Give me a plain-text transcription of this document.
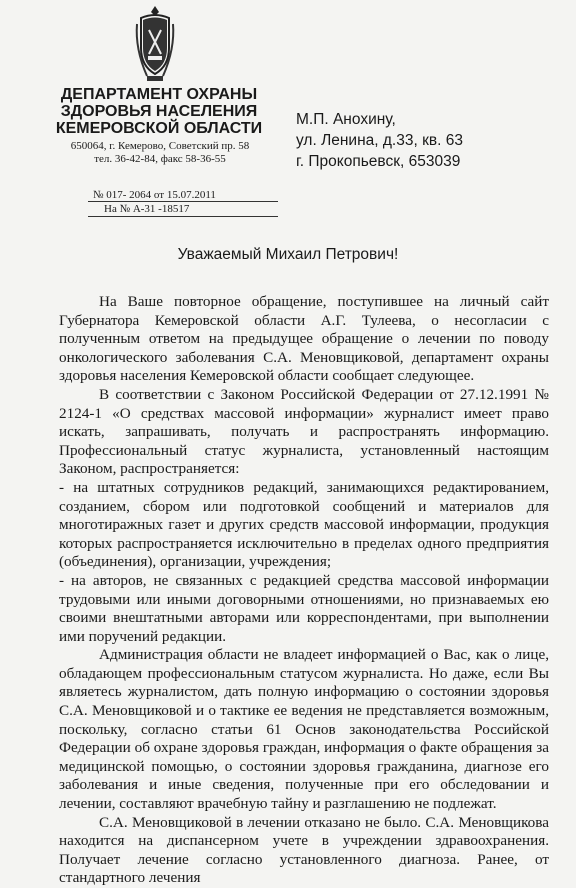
ДЕПАРТАМЕНТ ОХРАНЫ
ЗДОРОВЬЯ НАСЕЛЕНИЯ
КЕМЕРОВСКОЙ ОБЛАСТИ
650064, г. Кемерово, Советский пр. 58
тел. 36-42-84, факс 58-36-55
М.П. Анохину,
ул. Ленина, д.33, кв. 63
г. Прокопьевск, 653039
№ 017- 2064 от 15.07.2011
На № А-31 -18517
Уважаемый Михаил Петрович!

На Ваше повторное обращение, поступившее на личный сайт Губернатора Кемеровской области А.Г. Тулеева, о несогласии с полученным ответом на предыдущее обращение о лечении по поводу онкологического заболевания С.А. Меновщиковой, департамент охраны здоровья населения Кемеровской области сообщает следующее.

В соответствии с Законом Российской Федерации от 27.12.1991 № 2124-1 «О средствах массовой информации» журналист имеет право искать, запрашивать, получать и распространять информацию. Профессиональный статус журналиста, установленный настоящим Законом, распространяется:

- на штатных сотрудников редакций, занимающихся редактированием, созданием, сбором или подготовкой сообщений и материалов для многотиражных газет и других средств массовой информации, продукция которых распространяется исключительно в пределах одного предприятия (объединения), организации, учреждения;

- на авторов, не связанных с редакцией средства массовой информации трудовыми или иными договорными отношениями, но признаваемых ею своими внештатными авторами или корреспондентами, при выполнении ими поручений редакции.

Администрация области не владеет информацией о Вас, как о лице, обладающем профессиональным статусом журналиста. Но даже, если Вы являетесь журналистом, дать полную информацию о состоянии здоровья С.А. Меновщиковой и о тактике ее ведения не представляется возможным, поскольку, согласно статьи 61 Основ законодательства Российской Федерации об охране здоровья граждан, информация о факте обращения за медицинской помощью, о состоянии здоровья гражданина, диагнозе его заболевания и иные сведения, полученные при его обследовании и лечении, составляют врачебную тайну и разглашению не подлежат.

С.А. Меновщиковой в лечении отказано не было. С.А. Меновщикова находится на диспансерном учете в учреждении здравоохранения. Получает лечение согласно установленного диагноза. Ранее, от стандартного лечения
